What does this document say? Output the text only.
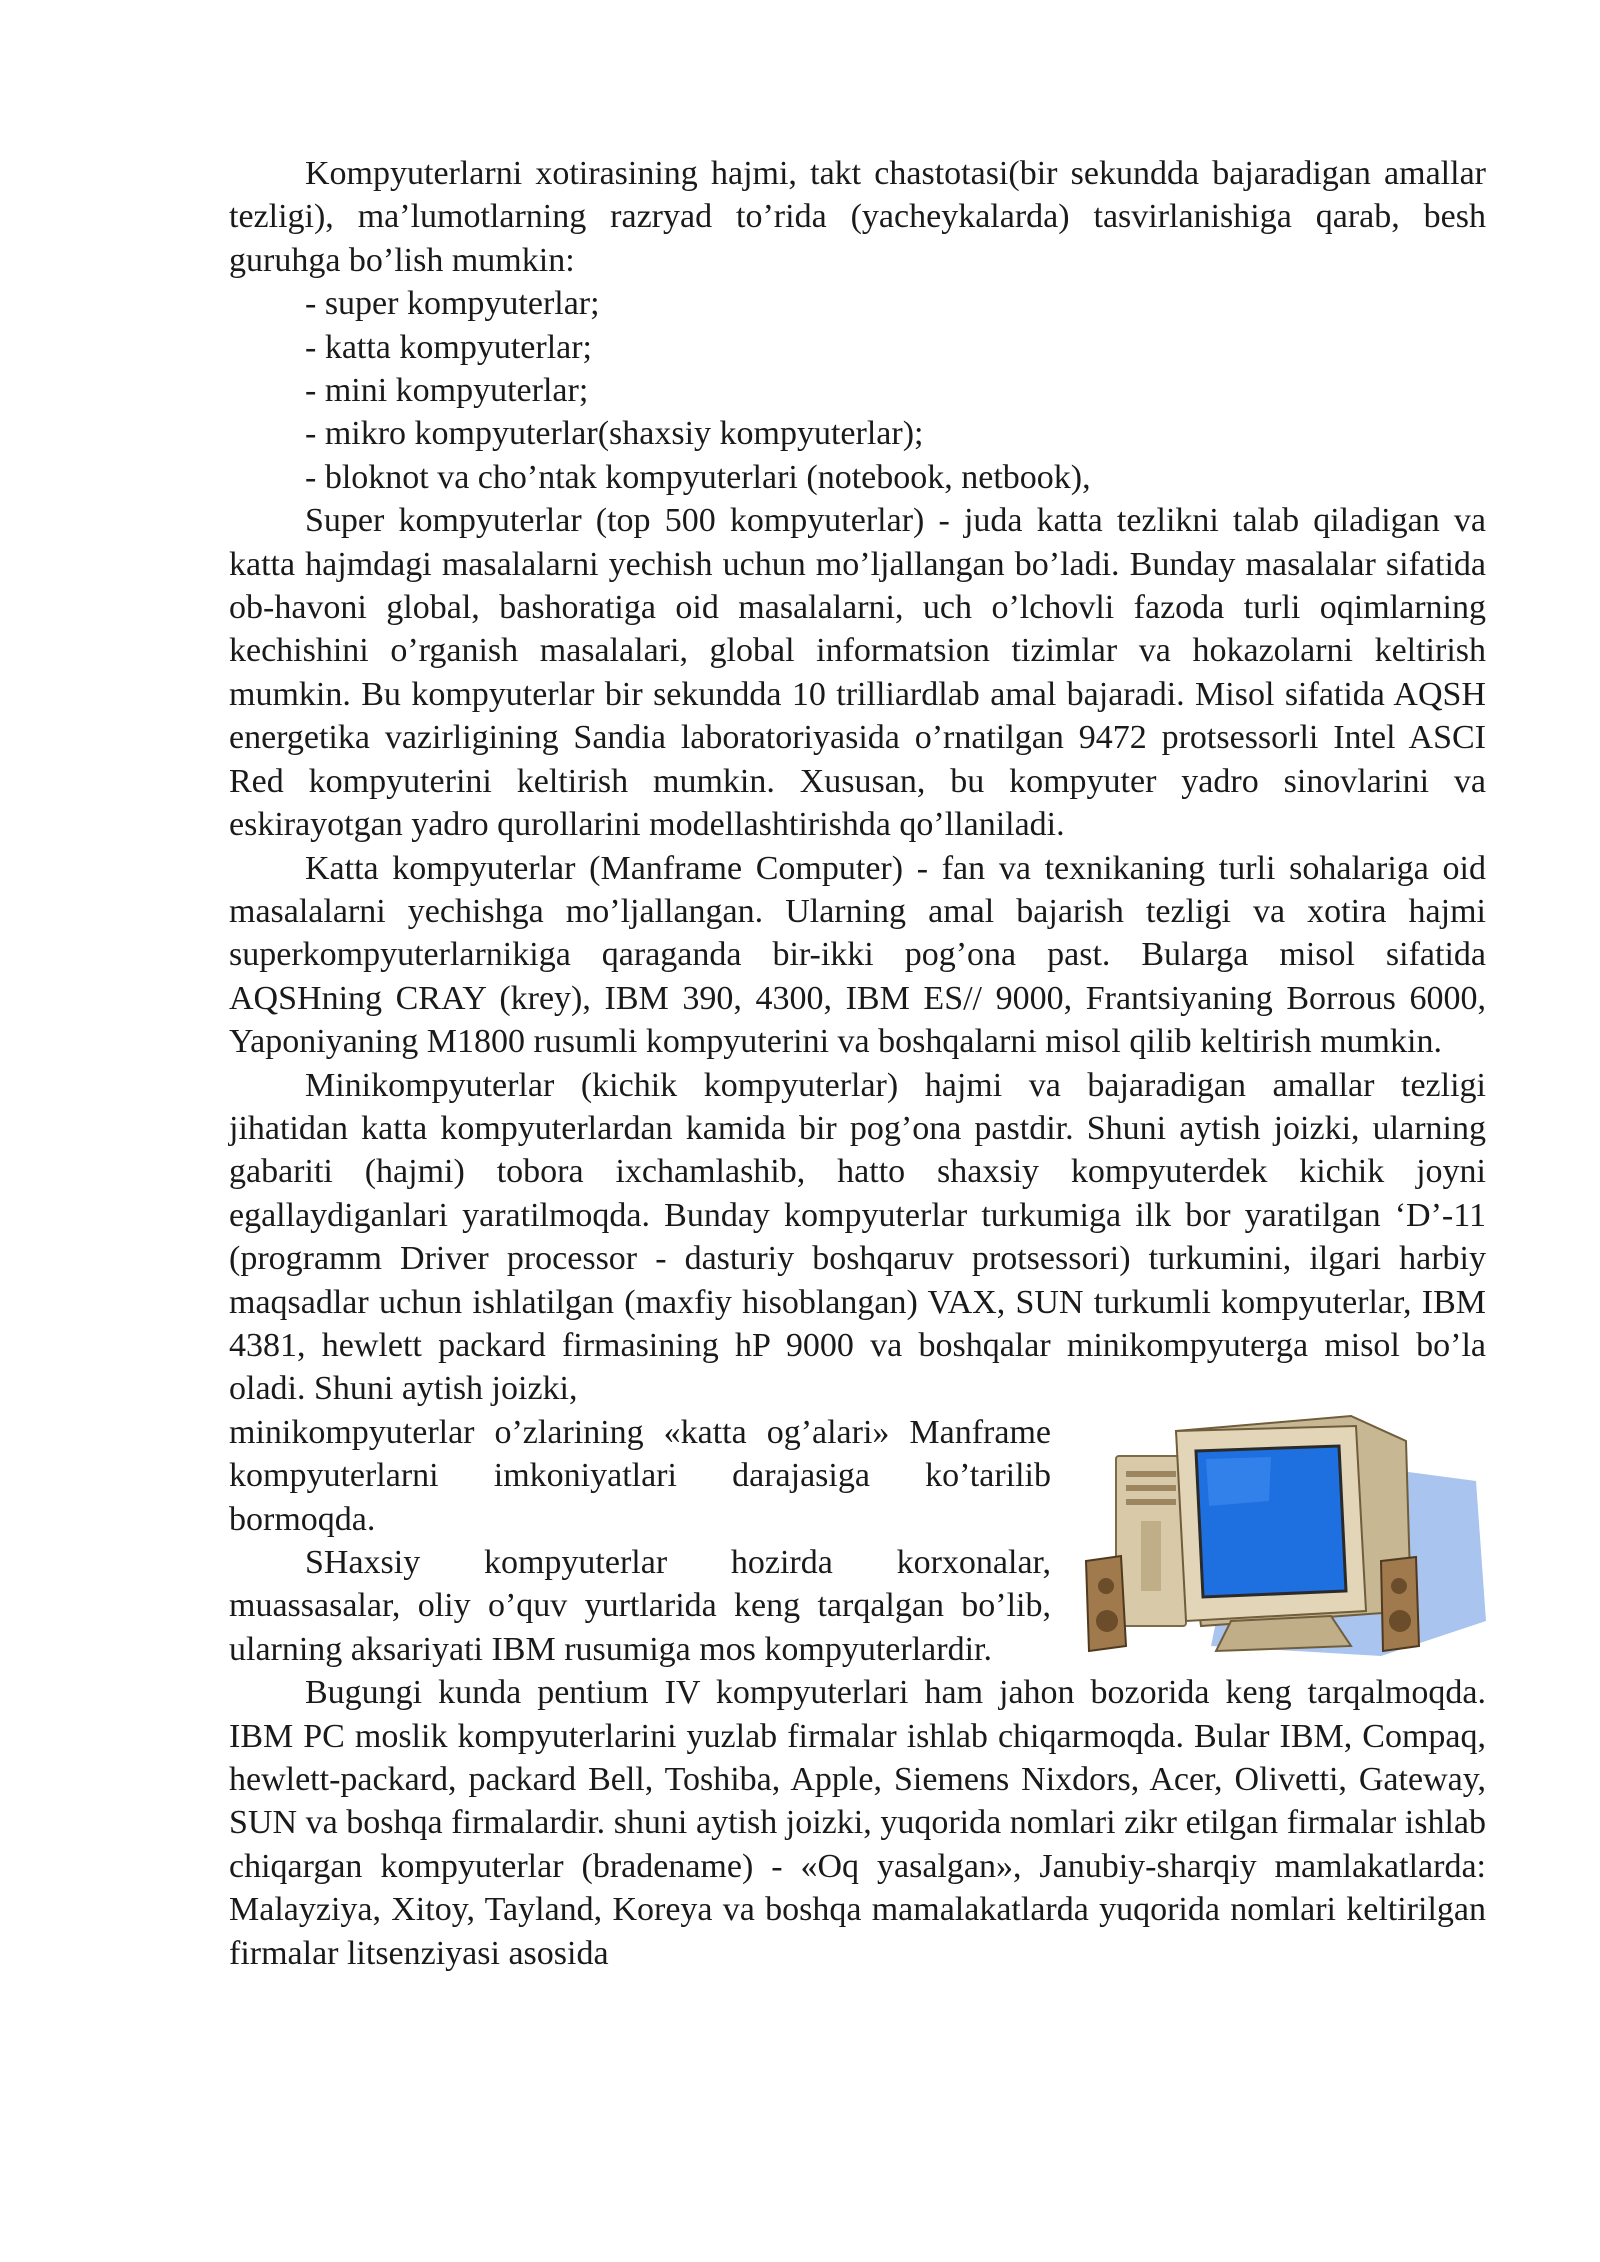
Kompyuterlarni xotirasining hajmi, takt chastotasi(bir sekundda bajaradigan amallar tezligi), ma’lumotlarning razryad to’rida (yacheykalarda) tasvirlanishiga qarab, besh guruhga bo’lish mumkin:

- super kompyuterlar;

- katta kompyuterlar;

- mini kompyuterlar;

- mikro kompyuterlar(shaxsiy kompyuterlar);

- bloknot va cho’ntak kompyuterlari (notebook, netbook),

Super kompyuterlar (top 500 kompyuterlar) - juda katta tezlikni talab qiladigan va katta hajmdagi masalalarni yechish uchun mo’ljallangan bo’ladi. Bunday masalalar sifatida ob-havoni global, bashoratiga oid masalalarni, uch o’lchovli fazoda turli oqimlarning kechishini o’rganish masalalari, global informatsion tizimlar va hokazolarni keltirish mumkin. Bu kompyuterlar bir sekundda 10 trilliardlab amal bajaradi. Misol sifatida AQSH energetika vazirligining Sandia laboratoriyasida o’rnatilgan 9472 protsessorli Intel ASCI Red kompyuterini keltirish mumkin. Xususan, bu kompyuter yadro sinovlarini va eskirayotgan yadro qurollarini modellashtirishda qo’llaniladi.

Katta kompyuterlar (Manframe Computer) - fan va texnikaning turli sohalariga oid masalalarni yechishga mo’ljallangan. Ularning amal bajarish tezligi va xotira hajmi superkompyuterlarnikiga qaraganda bir-ikki pog’ona past. Bularga misol sifatida AQSHning CRAY (krey), IBM 390, 4300, IBM ES// 9000, Frantsiyaning Borrous 6000, Yaponiyaning M1800 rusumli kompyuterini va boshqalarni misol qilib keltirish mumkin.

Minikompyuterlar (kichik kompyuterlar) hajmi va bajaradigan amallar tezligi jihatidan katta kompyuterlardan kamida bir pog’ona pastdir. Shuni aytish joizki, ularning gabariti (hajmi) tobora ixchamlashib, hatto shaxsiy kompyuterdek kichik joyni egallaydiganlari yaratilmoqda. Bunday kompyuterlar turkumiga ilk bor yaratilgan ‘D’-11 (programm Driver processor - dasturiy boshqaruv protsessori) turkumini, ilgari harbiy maqsadlar uchun ishlatilgan (maxfiy hisoblangan) VAX, SUN turkumli kompyuterlar, IBM 4381, hewlett packard firmasining hP 9000 va boshqalar minikompyuterga misol bo’la oladi. Shuni aytish joizki,

minikompyuterlar o’zlarining «katta og’alari» Manframe kompyuterlarni imkoniyatlari darajasiga ko’tarilib bormoqda.

SHaxsiy kompyuterlar hozirda korxonalar, muassasalar, oliy o’quv yurtlarida keng tarqalgan bo’lib, ularning aksariyati IBM rusumiga mos kompyuterlardir.

Bugungi kunda pentium IV kompyuterlari ham jahon bozorida keng tarqalmoqda. IBM PC moslik kompyuterlarini yuzlab firmalar ishlab chiqarmoqda. Bular IBM, Compaq, hewlett-packard, packard Bell, Toshiba, Apple, Siemens Nixdors, Acer, Olivetti, Gateway, SUN va boshqa firmalardir. shuni aytish joizki, yuqorida nomlari zikr etilgan firmalar ishlab chiqargan kompyuterlar (bradename) - «Oq yasalgan», Janubiy-sharqiy mamlakatlarda: Malayziya, Xitoy, Tayland, Koreya va boshqa mamalakatlarda yuqorida nomlari keltirilgan firmalar litsenziyasi asosida
